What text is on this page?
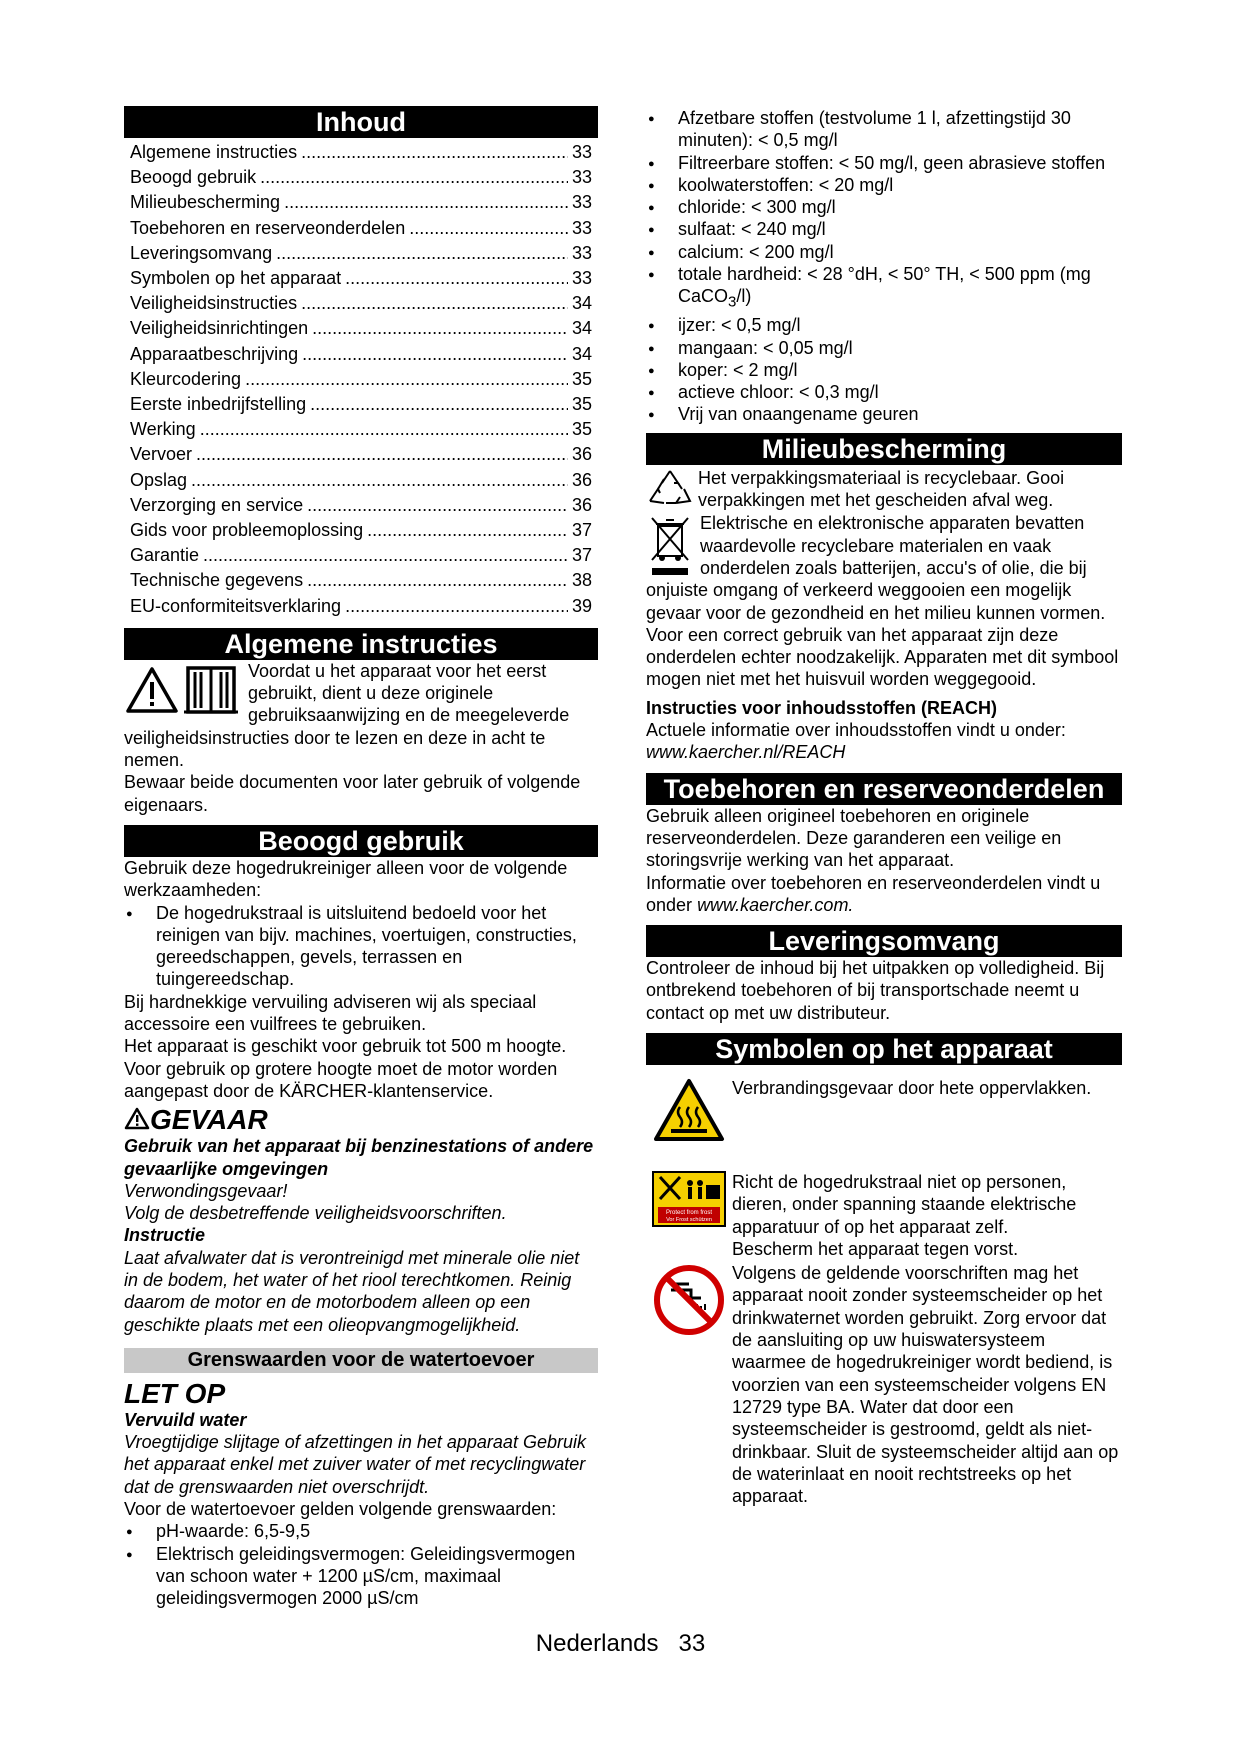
Inhoud
Algemene instructies .....	33
Beoogd gebruik .....	33
Milieubescherming .....	33
Toebehoren en reserveonderdelen .....	33
Leveringsomvang .....	33
Symbolen op het apparaat .....	33
Veiligheidsinstructies .....	34
Veiligheidsinrichtingen .....	34
Apparaatbeschrijving .....	34
Kleurcodering .....	35
Eerste inbedrijfstelling .....	35
Werking .....	35
Vervoer .....	36
Opslag .....	36
Verzorging en service .....	36
Gids voor probleemoplossing .....	37
Garantie .....	37
Technische gegevens .....	38
EU-conformiteitsverklaring .....	39
Algemene instructies

Voordat u het apparaat voor het eerst gebruikt, dient u deze originele gebruiksaanwijzing en de meegeleverde veiligheidsinstructies door te lezen en deze in acht te nemen.

Bewaar beide documenten voor later gebruik of volgende eigenaars.

Beoogd gebruik

Gebruik deze hogedrukreiniger alleen voor de volgende werkzaamheden:

● De hogedrukstraal is uitsluitend bedoeld voor het reinigen van bijv. machines, voertuigen, constructies, gereedschappen, gevels, terrassen en tuingereedschap.

Bij hardnekkige vervuiling adviseren wij als speciaal accessoire een vuilfrees te gebruiken.

Het apparaat is geschikt voor gebruik tot 500 m hoogte. Voor gebruik op grotere hoogte moet de motor worden aangepast door de KÄRCHER-klantenservice.

GEVAAR

Gebruik van het apparaat bij benzinestations of andere gevaarlijke omgevingen

Verwondingsgevaar!

Volg de desbetreffende veiligheidsvoorschriften.

Instructie

Laat afvalwater dat is verontreinigd met minerale olie niet in de bodem, het water of het riool terechtkomen. Reinig daarom de motor en de motorbodem alleen op een geschikte plaats met een olieopvangmogelijkheid.

Grenswaarden voor de watertoevoer
LET OP

Vervuild water

Vroegtijdige slijtage of afzettingen in het apparaat Gebruik het apparaat enkel met zuiver water of met recyclingwater dat de grenswaarden niet overschrijdt.

Voor de watertoevoer gelden volgende grenswaarden:

● pH-waarde: 6,5-9,5
● Elektrisch geleidingsvermogen: Geleidingsvermogen van schoon water + 1200 µS/cm, maximaal geleidingsvermogen 2000 µS/cm
● Afzetbare stoffen (testvolume 1 l, afzettingstijd 30 minuten): < 0,5 mg/l
● Filtreerbare stoffen: < 50 mg/l, geen abrasieve stoffen
● koolwaterstoffen: < 20 mg/l
● chloride: < 300 mg/l
● sulfaat: < 240 mg/l
● calcium: < 200 mg/l
● totale hardheid: < 28 °dH, < 50° TH, < 500 ppm (mg CaCO$_3$/l)
● ijzer: < 0,5 mg/l
● mangaan: < 0,05 mg/l
● koper: < 2 mg/l
● actieve chloor: < 0,3 mg/l
● Vrij van onaangename geuren
Milieubescherming

Het verpakkingsmateriaal is recyclebaar. Gooi verpakkingen met het gescheiden afval weg.

Elektrische en elektronische apparaten bevatten waardevolle recyclebare materialen en vaak onderdelen zoals batterijen, accu's of olie, die bij onjuiste omgang of verkeerd weggooien een mogelijk gevaar voor de gezondheid en het milieu kunnen vormen. Voor een correct gebruik van het apparaat zijn deze onderdelen echter noodzakelijk. Apparaten met dit symbool mogen niet met het huisvuil worden weggegooid.

Instructies voor inhoudsstoffen (REACH)

Actuele informatie over inhoudsstoffen vindt u onder:

www.kaercher.nl/REACH

Toebehoren en reserveonderdelen

Gebruik alleen origineel toebehoren en originele reserveonderdelen. Deze garanderen een veilige en storingsvrije werking van het apparaat.

Informatie over toebehoren en reserveonderdelen vindt u onder www.kaercher.com.

Leveringsomvang

Controleer de inhoud bij het uitpakken op volledigheid. Bij ontbrekend toebehoren of bij transportschade neemt u contact op met uw distributeur.

Symbolen op het apparaat

Verbrandingsgevaar door hete oppervlakken.

Protect from frost
Vor Frost schützen

Richt de hogedrukstraal niet op personen, dieren, onder spanning staande elektrische apparatuur of op het apparaat zelf.

Bescherm het apparaat tegen vorst.

Volgens de geldende voorschriften mag het apparaat nooit zonder systeemscheider op het drinkwaternet worden gebruikt. Zorg ervoor dat de aansluiting op uw huiswatersysteem waarmee de hogedrukreiniger wordt bediend, is voorzien van een systeemscheider volgens EN 12729 type BA. Water dat door een systeemscheider is gestroomd, geldt als niet-drinkbaar. Sluit de systeemscheider altijd aan op de waterinlaat en nooit rechtstreeks op het apparaat.

Nederlands 33
